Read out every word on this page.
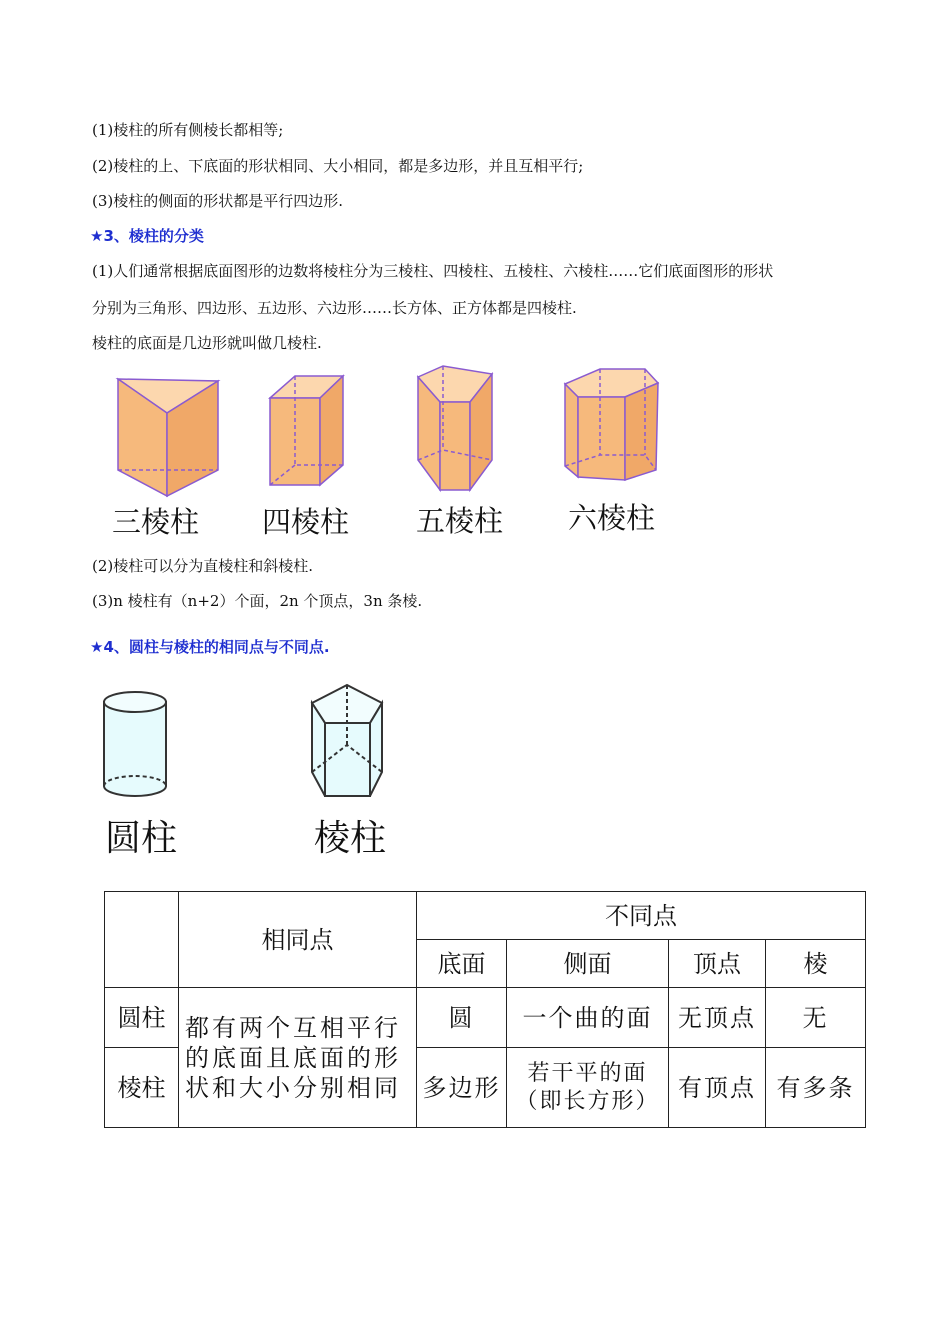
(1)棱柱的所有侧棱长都相等;
(2)棱柱的上、下底面的形状相同、大小相同，都是多边形，并且互相平行;
(3)棱柱的侧面的形状都是平行四边形.
★3、棱柱的分类
(1)人们通常根据底面图形的边数将棱柱分为三棱柱、四棱柱、五棱柱、六棱柱……它们底面图形的形状
分别为三角形、四边形、五边形、六边形……长方体、正方体都是四棱柱.
棱柱的底面是几边形就叫做几棱柱.
三棱柱 四棱柱 五棱柱 六棱柱
(2)棱柱可以分为直棱柱和斜棱柱.
(3)n 棱柱有（n+2）个面，2n 个顶点，3n 条棱.
★4、圆柱与棱柱的相同点与不同点.
圆柱	棱柱
	相同点	不同点			
		底面	侧面	顶点	棱
圆柱	都有两个互相平行的底面且底面的形状和大小分别相同	圆	一个曲的面	无顶点	无
棱柱		多边形	若干平的面（即长方形）	有顶点	有多条
